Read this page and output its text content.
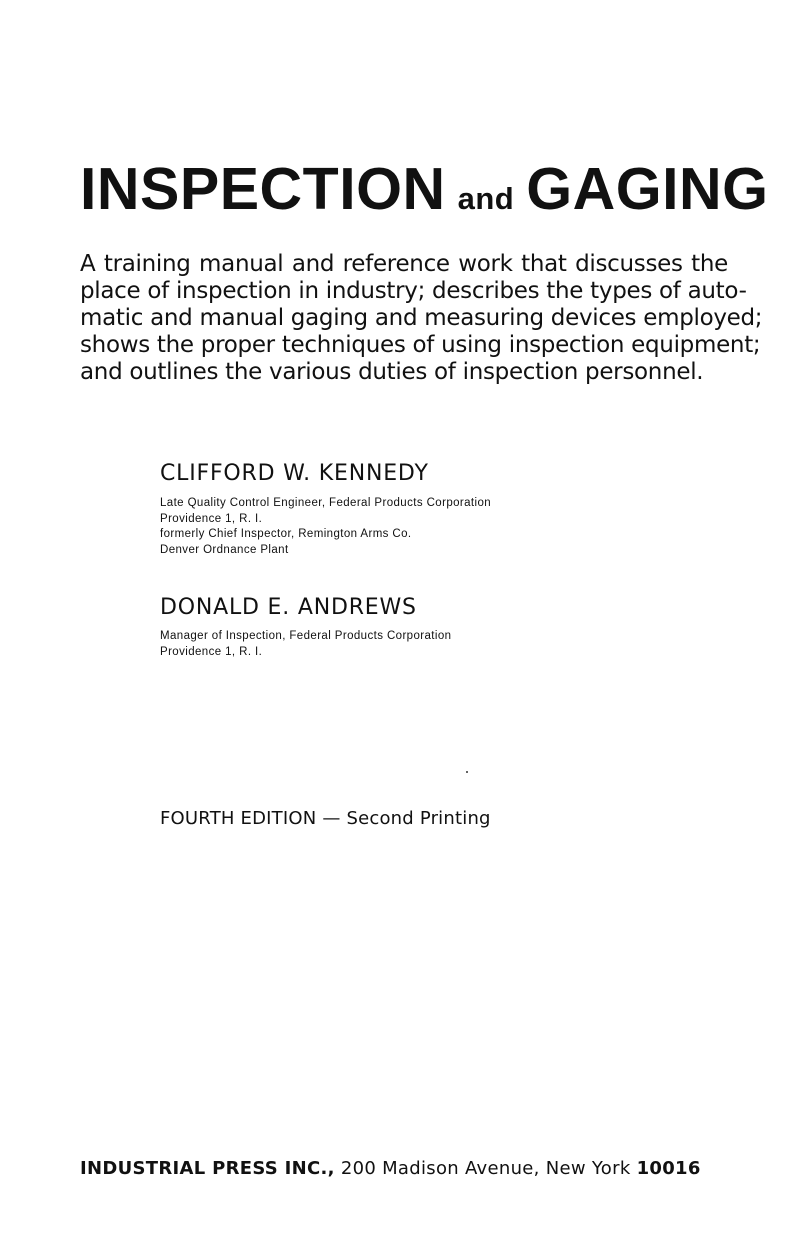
INSPECTION and GAGING

A training manual and reference work that discusses the
place of inspection in industry; describes the types of auto-
matic and manual gaging and measuring devices employed;
shows the proper techniques of using inspection equipment;
and outlines the various duties of inspection personnel.

CLIFFORD W. KENNEDY
Late Quality Control Engineer, Federal Products Corporation
Providence 1, R. I.
formerly Chief Inspector, Remington Arms Co.
Denver Ordnance Plant
DONALD E. ANDREWS
Manager of Inspection, Federal Products Corporation
Providence 1, R. I.
FOURTH EDITION — Second Printing
INDUSTRIAL PRESS INC., 200 Madison Avenue, New York 10016
